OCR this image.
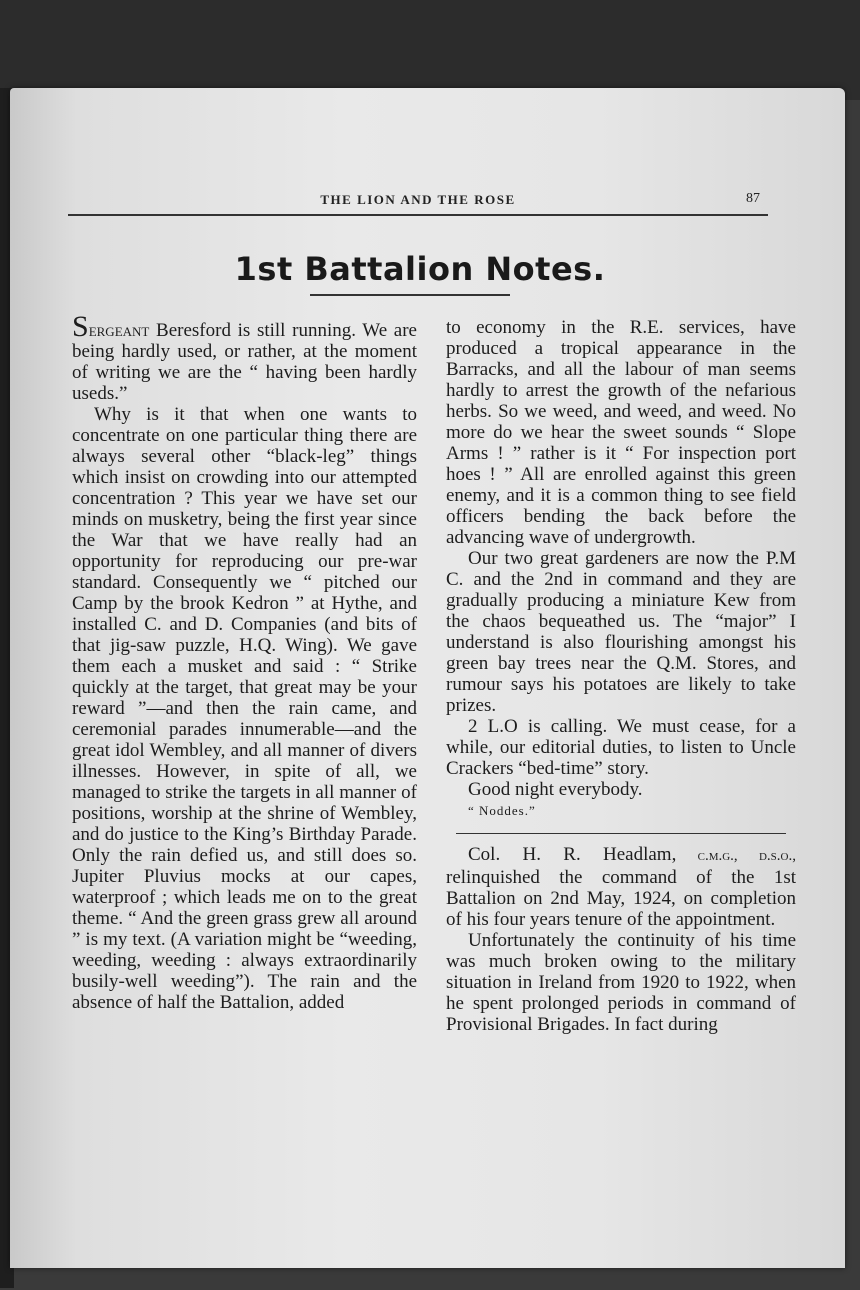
THE LION AND THE ROSE	87
1st Battalion Notes.

Sergeant Beresford is still running. We are being hardly used, or rather, at the moment of writing we are the “ having been hardly useds.”

Why is it that when one wants to concentrate on one particular thing there are always several other “black-leg” things which insist on crowding into our attempted concentration ? This year we have set our minds on musketry, being the first year since the War that we have really had an opportunity for reproducing our pre-war standard. Consequently we “ pitched our Camp by the brook Kedron ” at Hythe, and installed C. and D. Companies (and bits of that jig-saw puzzle, H.Q. Wing). We gave them each a musket and said : “ Strike quickly at the target, that great may be your reward ”—and then the rain came, and ceremonial parades innumerable—and the great idol Wembley, and all manner of divers illnesses. However, in spite of all, we managed to strike the targets in all manner of positions, worship at the shrine of Wembley, and do justice to the King’s Birthday Parade. Only the rain defied us, and still does so. Jupiter Pluvius mocks at our capes, waterproof ; which leads me on to the great theme. “ And the green grass grew all around ” is my text. (A variation might be “weeding, weeding, weeding : always extraordinarily busily-well weeding”). The rain and the absence of half the Battalion, added

to economy in the R.E. services, have produced a tropical appearance in the Barracks, and all the labour of man seems hardly to arrest the growth of the nefarious herbs. So we weed, and weed, and weed. No more do we hear the sweet sounds “ Slope Arms ! ” rather is it “ For inspection port hoes ! ” All are enrolled against this green enemy, and it is a common thing to see field officers bending the back before the advancing wave of undergrowth.

Our two great gardeners are now the P.M C. and the 2nd in command and they are gradually producing a miniature Kew from the chaos bequeathed us. The “major” I understand is also flourishing amongst his green bay trees near the Q.M. Stores, and rumour says his potatoes are likely to take prizes.

2 L.O is calling. We must cease, for a while, our editorial duties, to listen to Uncle Crackers “bed-time” story.

Good night everybody.

“ Noddes.”

Col. H. R. Headlam, c.m.g., d.s.o., relinquished the command of the 1st Battalion on 2nd May, 1924, on completion of his four years tenure of the appointment.

Unfortunately the continuity of his time was much broken owing to the military situation in Ireland from 1920 to 1922, when he spent prolonged periods in command of Provisional Brigades. In fact during
